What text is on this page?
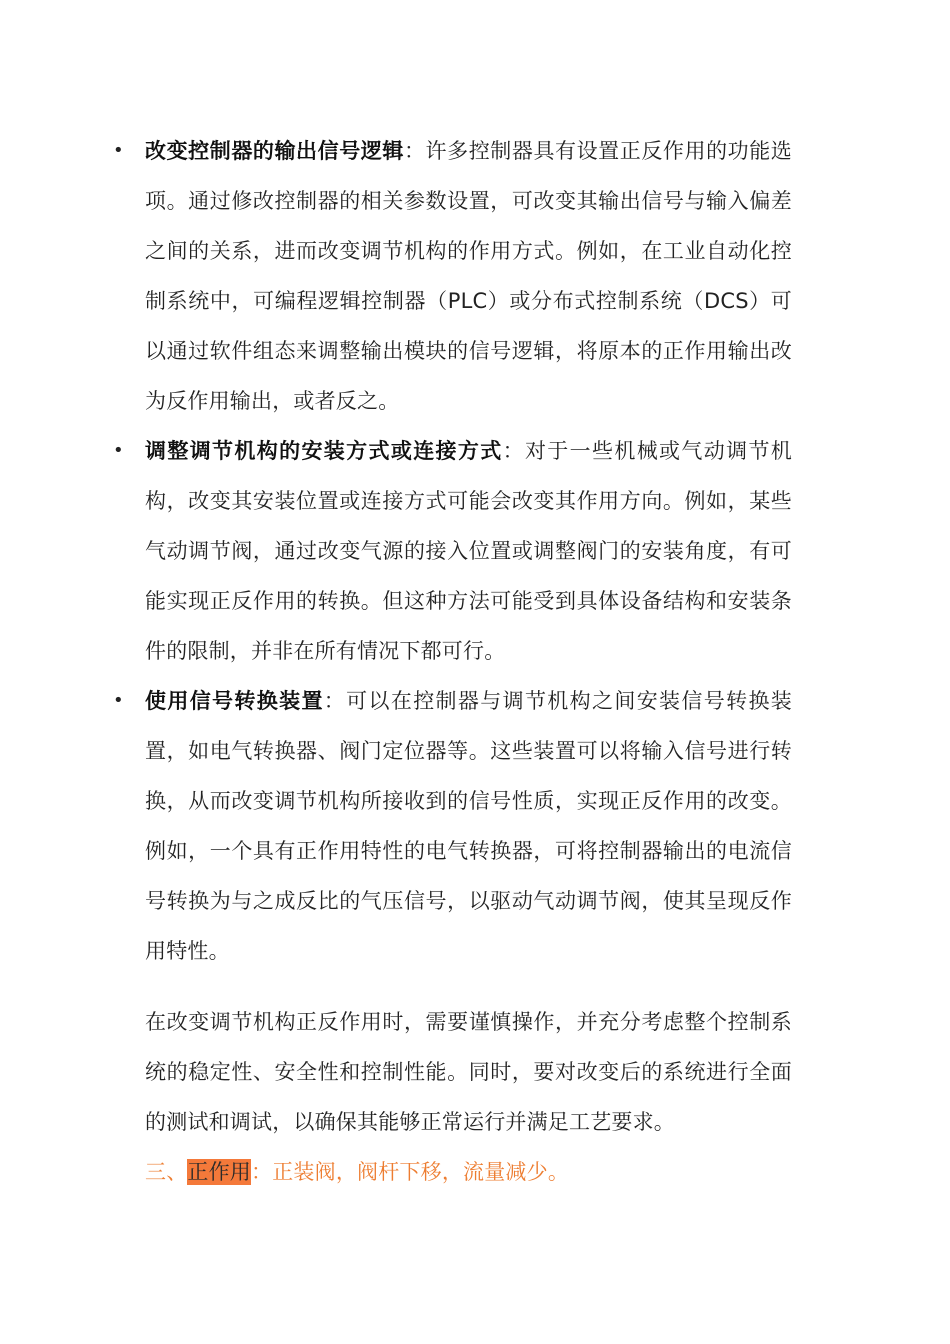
• 改变控制器的输出信号逻辑：许多控制器具有设置正反作用的功能选项。通过修改控制器的相关参数设置，可改变其输出信号与输入偏差之间的关系，进而改变调节机构的作用方式。例如，在工业自动化控制系统中，可编程逻辑控制器（PLC）或分布式控制系统（DCS）可以通过软件组态来调整输出模块的信号逻辑，将原本的正作用输出改为反作用输出，或者反之。
• 调整调节机构的安装方式或连接方式：对于一些机械或气动调节机构，改变其安装位置或连接方式可能会改变其作用方向。例如，某些气动调节阀，通过改变气源的接入位置或调整阀门的安装角度，有可能实现正反作用的转换。但这种方法可能受到具体设备结构和安装条件的限制，并非在所有情况下都可行。
• 使用信号转换装置：可以在控制器与调节机构之间安装信号转换装置，如电气转换器、阀门定位器等。这些装置可以将输入信号进行转换，从而改变调节机构所接收到的信号性质，实现正反作用的改变。例如，一个具有正作用特性的电气转换器，可将控制器输出的电流信号转换为与之成反比的气压信号，以驱动气动调节阀，使其呈现反作用特性。

在改变调节机构正反作用时，需要谨慎操作，并充分考虑整个控制系统的稳定性、安全性和控制性能。同时，要对改变后的系统进行全面的测试和调试，以确保其能够正常运行并满足工艺要求。

三、正作用：正装阀，阀杆下移，流量减少。
